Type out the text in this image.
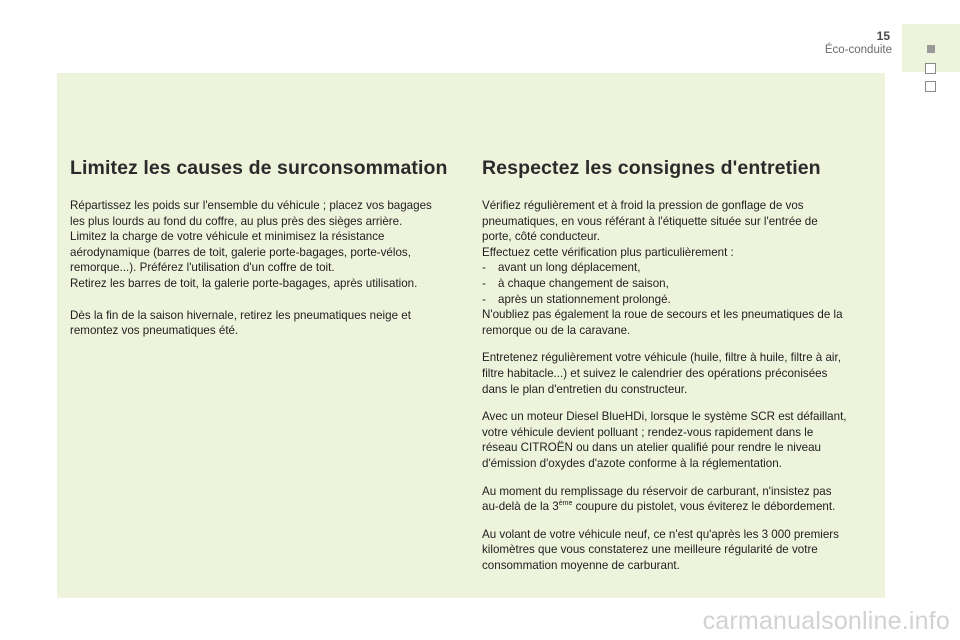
15
Éco-conduite
Limitez les causes de surconsommation

Répartissez les poids sur l'ensemble du véhicule ; placez vos bagages
les plus lourds au fond du coffre, au plus près des sièges arrière.
Limitez la charge de votre véhicule et minimisez la résistance
aérodynamique (barres de toit, galerie porte-bagages, porte-vélos,
remorque...). Préférez l'utilisation d'un coffre de toit.
Retirez les barres de toit, la galerie porte-bagages, après utilisation.

Dès la fin de la saison hivernale, retirez les pneumatiques neige et
remontez vos pneumatiques été.

Respectez les consignes d'entretien

Vérifiez régulièrement et à froid la pression de gonflage de vos
pneumatiques, en vous référant à l'étiquette située sur l'entrée de
porte, côté conducteur.
Effectuez cette vérification plus particulièrement :
- avant un long déplacement,
- à chaque changement de saison,
- après un stationnement prolongé.
N'oubliez pas également la roue de secours et les pneumatiques de la
remorque ou de la caravane.

Entretenez régulièrement votre véhicule (huile, filtre à huile, filtre à air,
filtre habitacle...) et suivez le calendrier des opérations préconisées
dans le plan d'entretien du constructeur.

Avec un moteur Diesel BlueHDi, lorsque le système SCR est défaillant,
votre véhicule devient polluant ; rendez-vous rapidement dans le
réseau CITROËN ou dans un atelier qualifié pour rendre le niveau
d'émission d'oxydes d'azote conforme à la réglementation.

Au moment du remplissage du réservoir de carburant, n'insistez pas
au-delà de la 3ème coupure du pistolet, vous éviterez le débordement.

Au volant de votre véhicule neuf, ce n'est qu'après les 3 000 premiers
kilomètres que vous constaterez une meilleure régularité de votre
consommation moyenne de carburant.

carmanualsonline.info
